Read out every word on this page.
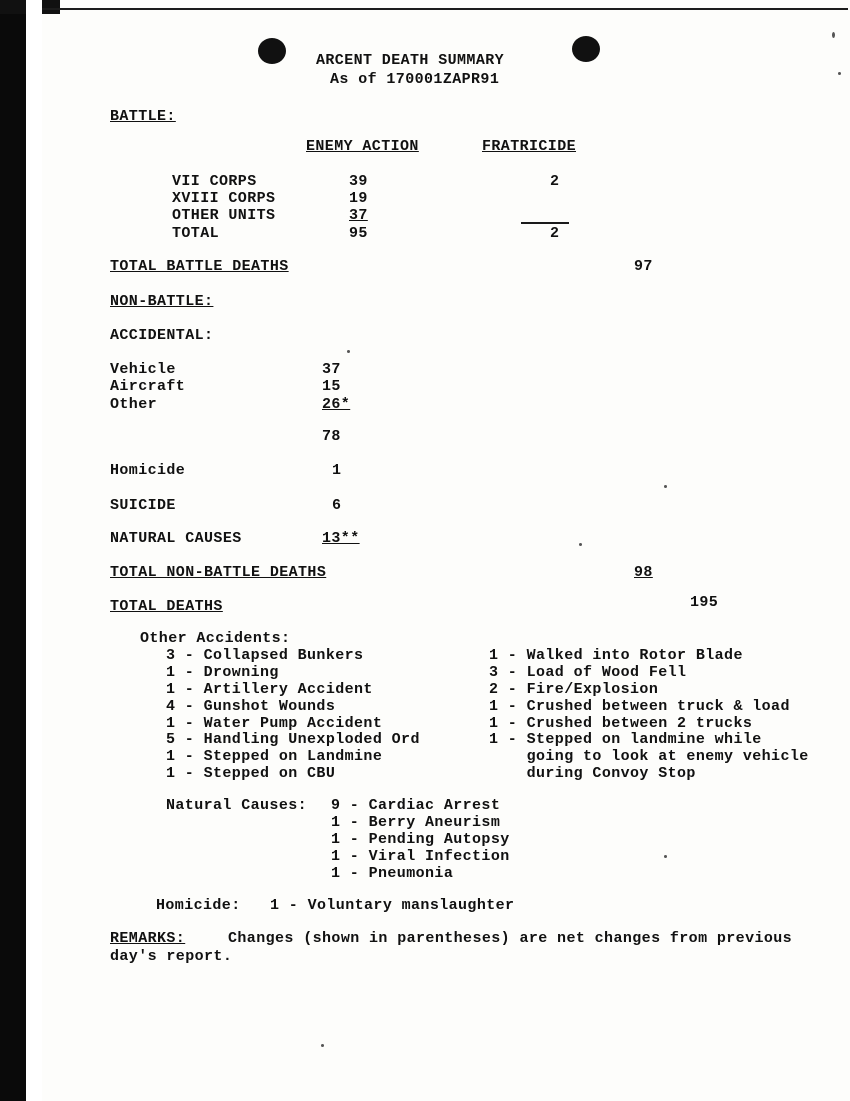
ARCENT DEATH SUMMARY
As of 170001ZAPR91
BATTLE:
ENEMY ACTION	FRATRICIDE
VII CORPS	39	2
XVIII CORPS	19
OTHER UNITS	37
TOTAL	95	2
TOTAL BATTLE DEATHS	97
NON-BATTLE:
ACCIDENTAL:
Vehicle	37
Aircraft	15
Other	26*
78
Homicide	1
SUICIDE	6
NATURAL CAUSES	13**
TOTAL NON-BATTLE DEATHS	98
TOTAL DEATHS	195
Other Accidents:
3 - Collapsed Bunkers
1 - Drowning
1 - Artillery Accident
4 - Gunshot Wounds
1 - Water Pump Accident
5 - Handling Unexploded Ord
1 - Stepped on Landmine
1 - Stepped on CBU
1 - Walked into Rotor Blade
3 - Load of Wood Fell
2 - Fire/Explosion
1 - Crushed between truck & load
1 - Crushed between 2 trucks
1 - Stepped on landmine while
going to look at enemy vehicle
during Convoy Stop
Natural Causes: 9 - Cardiac Arrest
1 - Berry Aneurism
1 - Pending Autopsy
1 - Viral Infection
1 - Pneumonia
Homicide: 1 - Voluntary manslaughter
REMARKS:	Changes (shown in parentheses) are net changes from previous
day's report.
